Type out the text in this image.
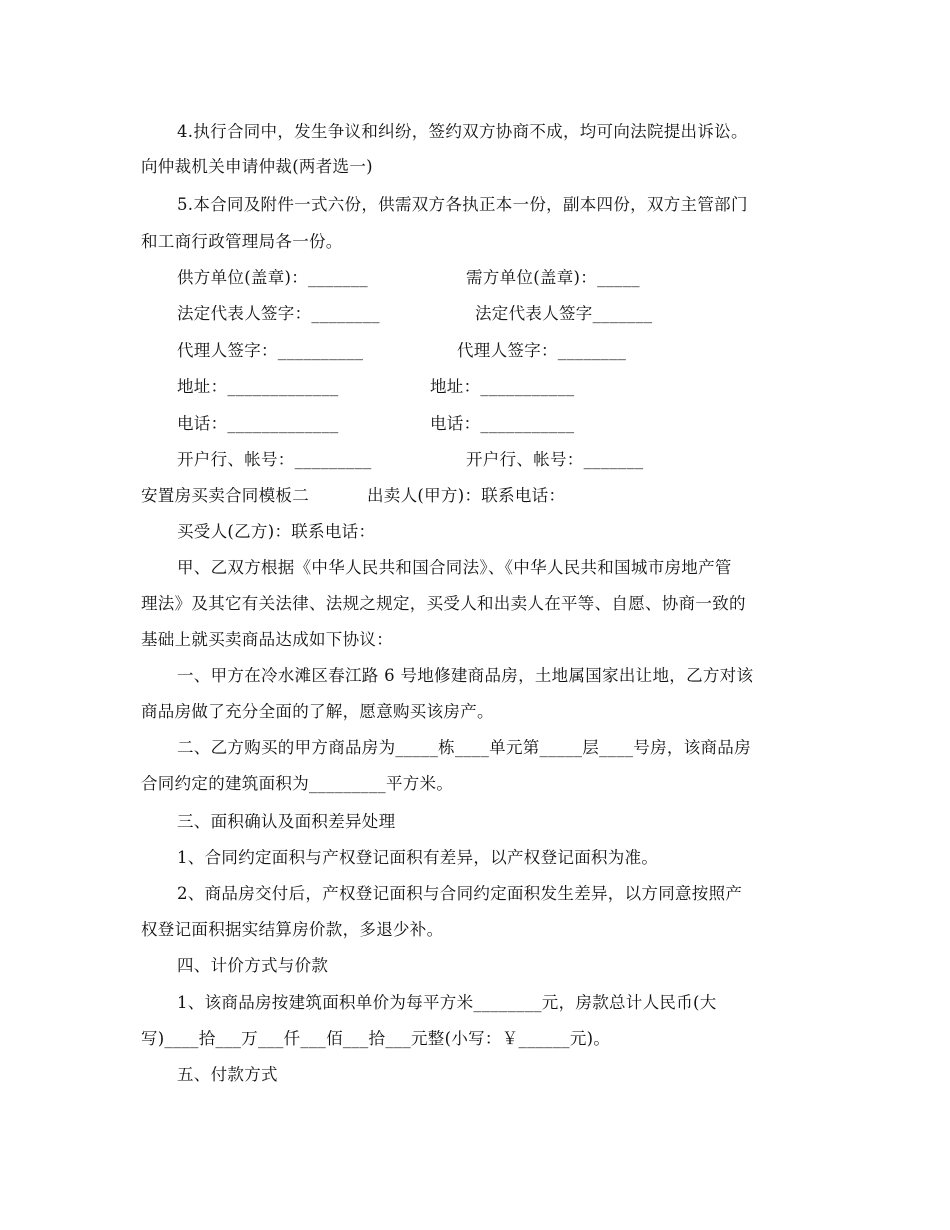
4.执行合同中，发生争议和纠纷，签约双方协商不成，均可向法院提出诉讼。
向仲裁机关申请仲裁(两者选一)
5.本合同及附件一式六份，供需双方各执正本一份，副本四份，双方主管部门
和工商行政管理局各一份。
供方单位(盖章)：_______	需方单位(盖章)：_____
法定代表人签字：________	法定代表人签字_______
代理人签字：__________	代理人签字：________
地址：_____________	地址：___________
电话：_____________	电话：___________
开户行、帐号：_________	开户行、帐号：_______
安置房买卖合同模板二	出卖人(甲方)：联系电话：
买受人(乙方)：联系电话：
甲、乙双方根据《中华人民共和国合同法》、《中华人民共和国城市房地产管
理法》及其它有关法律、法规之规定，买受人和出卖人在平等、自愿、协商一致的
基础上就买卖商品达成如下协议：
一、甲方在冷水滩区春江路 6 号地修建商品房，土地属国家出让地，乙方对该
商品房做了充分全面的了解，愿意购买该房产。
二、乙方购买的甲方商品房为_____栋____单元第_____层____号房，该商品房
合同约定的建筑面积为_________平方米。
三、面积确认及面积差异处理
1、合同约定面积与产权登记面积有差异，以产权登记面积为准。
2、商品房交付后，产权登记面积与合同约定面积发生差异，以方同意按照产
权登记面积据实结算房价款，多退少补。
四、计价方式与价款
1、该商品房按建筑面积单价为每平方米________元，房款总计人民币(大
写)____拾___万___仟___佰___拾___元整(小写：￥______元)。
五、付款方式
